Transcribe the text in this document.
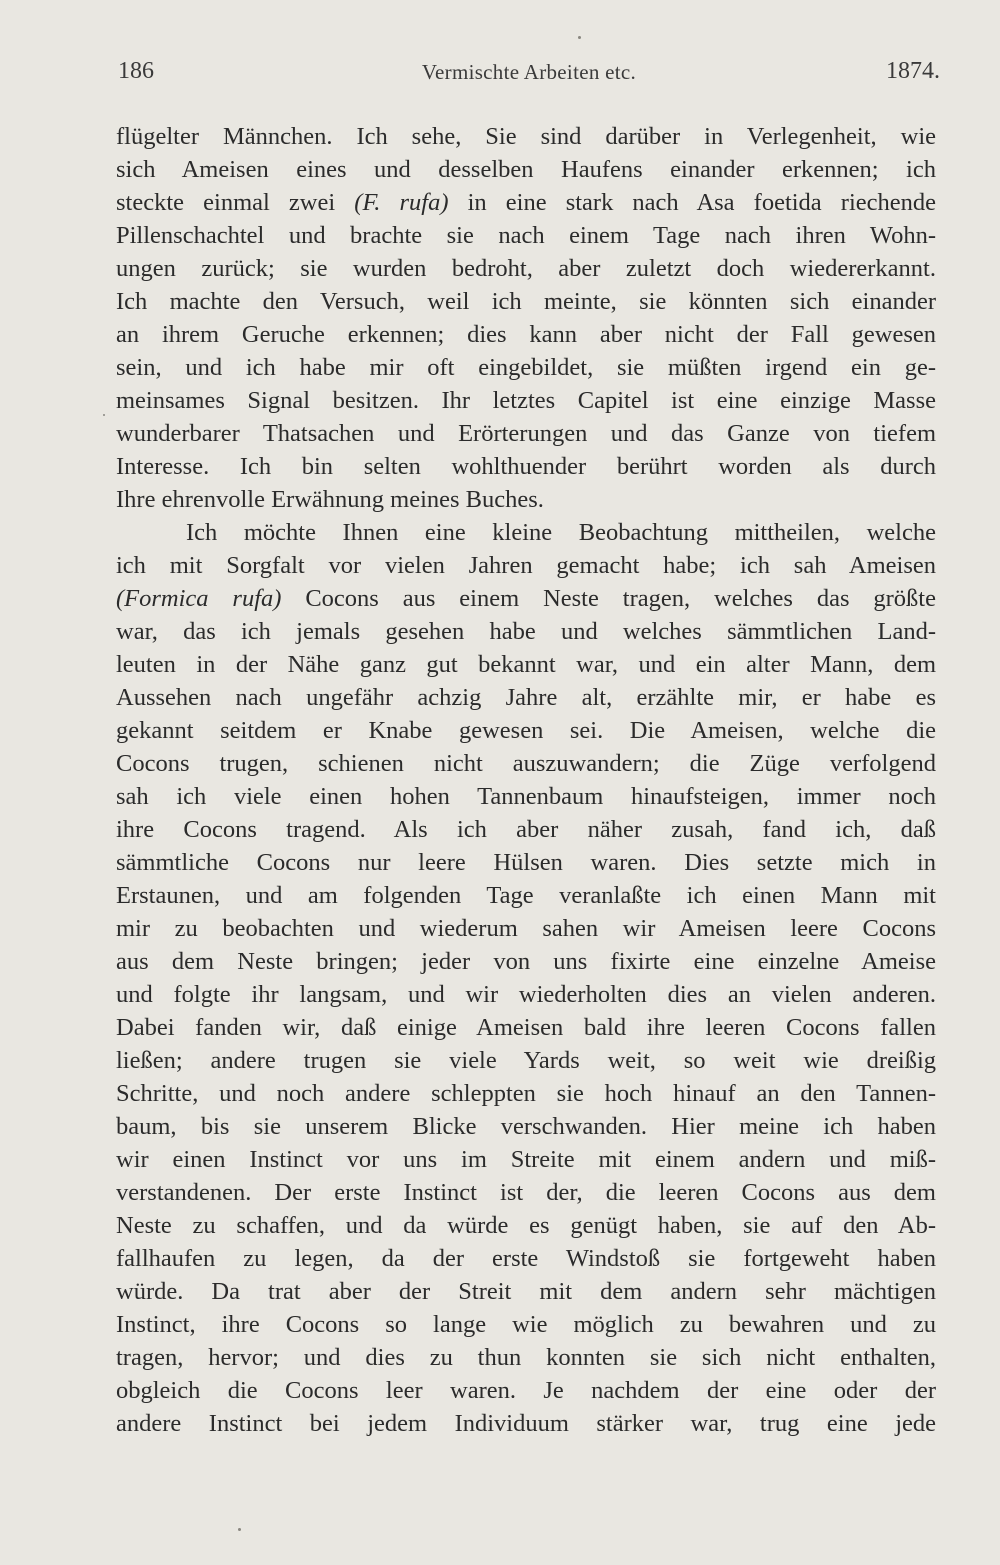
186	Vermischte Arbeiten etc.	1874.
flügelter Männchen. Ich sehe, Sie sind darüber in Verlegenheit, wie
sich Ameisen eines und desselben Haufens einander erkennen; ich
steckte einmal zwei (F. rufa) in eine stark nach Asa foetida riechende
Pillenschachtel und brachte sie nach einem Tage nach ihren Wohn-
ungen zurück; sie wurden bedroht, aber zuletzt doch wiedererkannt.
Ich machte den Versuch, weil ich meinte, sie könnten sich einander
an ihrem Geruche erkennen; dies kann aber nicht der Fall gewesen
sein, und ich habe mir oft eingebildet, sie müßten irgend ein ge-
meinsames Signal besitzen. Ihr letztes Capitel ist eine einzige Masse
wunderbarer Thatsachen und Erörterungen und das Ganze von tiefem
Interesse. Ich bin selten wohlthuender berührt worden als durch
Ihre ehrenvolle Erwähnung meines Buches.
Ich möchte Ihnen eine kleine Beobachtung mittheilen, welche
ich mit Sorgfalt vor vielen Jahren gemacht habe; ich sah Ameisen
(Formica rufa) Cocons aus einem Neste tragen, welches das größte
war, das ich jemals gesehen habe und welches sämmtlichen Land-
leuten in der Nähe ganz gut bekannt war, und ein alter Mann, dem
Aussehen nach ungefähr achzig Jahre alt, erzählte mir, er habe es
gekannt seitdem er Knabe gewesen sei. Die Ameisen, welche die
Cocons trugen, schienen nicht auszuwandern; die Züge verfolgend
sah ich viele einen hohen Tannenbaum hinaufsteigen, immer noch
ihre Cocons tragend. Als ich aber näher zusah, fand ich, daß
sämmtliche Cocons nur leere Hülsen waren. Dies setzte mich in
Erstaunen, und am folgenden Tage veranlaßte ich einen Mann mit
mir zu beobachten und wiederum sahen wir Ameisen leere Cocons
aus dem Neste bringen; jeder von uns fixirte eine einzelne Ameise
und folgte ihr langsam, und wir wiederholten dies an vielen anderen.
Dabei fanden wir, daß einige Ameisen bald ihre leeren Cocons fallen
ließen; andere trugen sie viele Yards weit, so weit wie dreißig
Schritte, und noch andere schleppten sie hoch hinauf an den Tannen-
baum, bis sie unserem Blicke verschwanden. Hier meine ich haben
wir einen Instinct vor uns im Streite mit einem andern und miß-
verstandenen. Der erste Instinct ist der, die leeren Cocons aus dem
Neste zu schaffen, und da würde es genügt haben, sie auf den Ab-
fallhaufen zu legen, da der erste Windstoß sie fortgeweht haben
würde. Da trat aber der Streit mit dem andern sehr mächtigen
Instinct, ihre Cocons so lange wie möglich zu bewahren und zu
tragen, hervor; und dies zu thun konnten sie sich nicht enthalten,
obgleich die Cocons leer waren. Je nachdem der eine oder der
andere Instinct bei jedem Individuum stärker war, trug eine jede
